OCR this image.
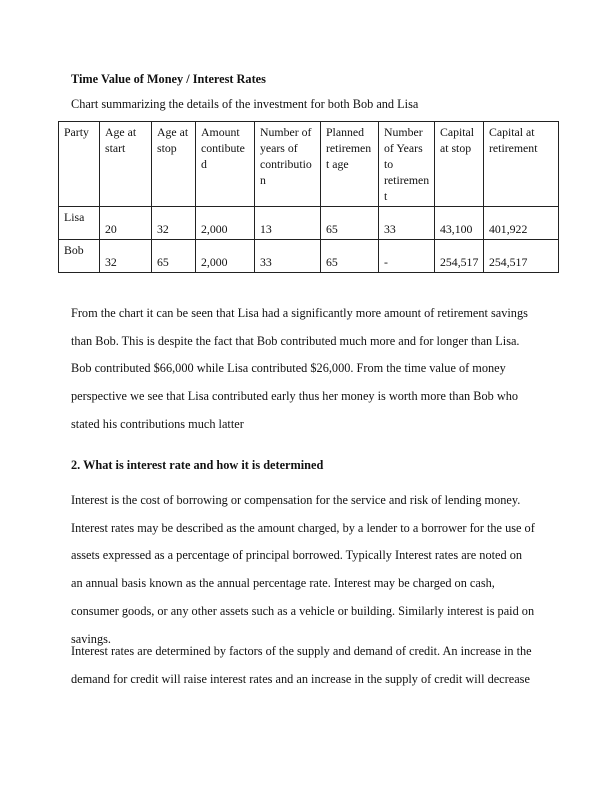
Time Value of Money / Interest Rates
Chart summarizing the details of the investment for both Bob and Lisa
Party	Age at start	Age at stop	Amount contibuted	Number of years of contribution	Planned retirement age	Number of Years to retirement	Capital at stop	Capital at retirement
Lisa	20	32	2,000	13	65	33	43,100	401,922

Bob	32	65	2,000	33	65	-	254,517	254,517

From the chart it can be seen that Lisa had a significantly more amount of retirement savings than Bob. This is despite the fact that Bob contributed much more and for longer than Lisa. Bob contributed $66,000 while Lisa contributed $26,000. From the time value of money perspective we see that Lisa contributed early thus her money is worth more than Bob who stated his contributions much latter

2. What is interest rate and how it is determined

Interest is the cost of borrowing or compensation for the service and risk of lending money. Interest rates may be described as the amount charged, by a lender to a borrower for the use of assets expressed as a percentage of principal borrowed. Typically Interest rates are noted on an annual basis known as the annual percentage rate. Interest may be charged on cash, consumer goods, or any other assets such as a vehicle or building. Similarly interest is paid on savings.

Interest rates are determined by factors of the supply and demand of credit. An increase in the demand for credit will raise interest rates and an increase in the supply of credit will decrease
